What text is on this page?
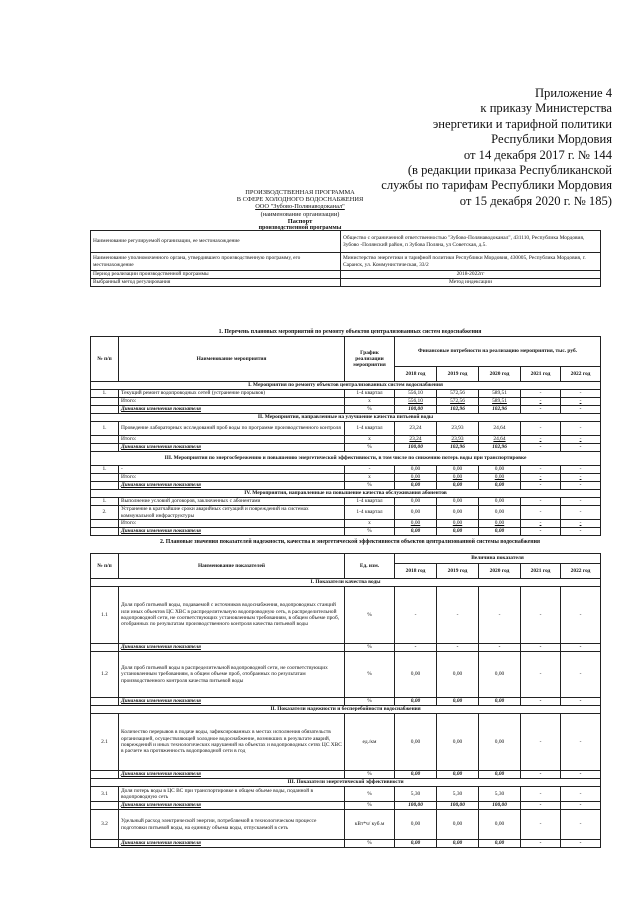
Приложение 4
к приказу Министерства
энергетики и тарифной политики
Республики Мордовия
от 14 декабря 2017 г. № 144
(в редакции приказа Республиканской
службы по тарифам Республики Мордовия
от 15 декабря 2020 г. № 185)
ПРОИЗВОДСТВЕННАЯ ПРОГРАММА
В СФЕРЕ ХОЛОДНОГО ВОДОСНАБЖЕНИЯ
ООО "Зубово-Полянаводоканал"
(наименование организации)
Паспорт
производственной программы
Наименование регулируемой организации, ее местонахождение	Общество с ограниченной ответственностью "Зубово-Полянаводоканал", 431110, Республика Мордовия, Зубово -Полянский район, п Зубова Поляна, ул Советская, д.5.
Наименование уполномоченного органа, утвердившего производственную программу, его местонахождение	Министерство энергетики и тарифной политики Республики Мордовия, 430005, Республика Мордовия, г. Саранск, ул. Коммунистическая, 33/2
Период реализации производственной программы	2018-2022гг
Выбранный метод регулирования	Метод индексации
1. Перечень плановых мероприятий по ремонту объектов централизованных систем водоснабжения
№ п/п	Наименование мероприятия	График реализации мероприятия	Финансовые потребности на реализацию мероприятия, тыс. руб.				
			2018 год	2019 год	2020 год	2021 год	2022 год
I. Мероприятия по ремонту объектов централизованных систем водоснабжения							
1.	Текущий ремонт водопроводных сетей (устранение прорывов)	1-4 квартал	556,10	572,56	589,51	-	-
	Итого:	x	556,10	572,56	589,51	-	-
	Динамика изменения показателя	%	100,00	102,96	102,96	-	-
II. Мероприятия, направленные на улучшение качества питьевой воды							
1.	Проведение лабораторных исследований проб воды по программе производственного контроля	1-4 квартал	23,24	23,93	24,64	-	-
	Итого:	x	23,24	23,93	24,64	-	-
	Динамика изменения показателя	%	100,00	102,96	102,96	-	-
III. Мероприятия по энергосбережению и повышению энергетической эффективности, в том числе по снижению потерь воды при транспортировке							
1.	-	-	0,00	0,00	0,00	-	-
	Итого:	x	0,00	0,00	0,00	-	-
	Динамика изменения показателя	%	0,00	0,00	0,00	-	-
IV. Мероприятия, направленные на повышение качества обслуживания абонентов							
1.	Выполнение условий договоров, заключенных с абонентами	1-4 квартал	0,00	0,00	0,00	-	-
2.	Устранение в кратчайшие сроки аварийных ситуаций и повреждений на системах коммунальной инфраструктуры	1-4 квартал	0,00	0,00	0,00	-	-
	Итого:	x	0,00	0,00	0,00	-	-
	Динамика изменения показателя	%	0,00	0,00	0,00	-	-
2. Плановые значения показателей надежности, качества и энергетической эффективности объектов централизованной системы водоснабжения
№ п/п	Наименование показателей	Ед. изм.	Величина показателя				
			2018 год	2019 год	2020 год	2021 год	2022 год
I. Показатели качества воды							
1.1	Доля проб питьевой воды, подаваемой с источников водоснабжения, водопроводных станций или иных объектов ЦС ХВС в распределительную водопроводную сеть, в распределительной водопроводной сети, не соответствующих установленным требованиям, в общем объеме проб, отобранных по результатам производственного контроля качества питьевой воды	%	-	-	-	-	-
	Динамика изменения показателя	%	-	-	-	-	-
1.2	Доля проб питьевой воды в распределительной водопроводной сети, не соответствующих установленным требованиям, в общем объеме проб, отобранных по результатам производственного контроля качества питьевой воды	%	0,00	0,00	0,00	-	-
	Динамика изменения показателя	%	0,00	0,00	0,00	-	-
II. Показатели надежности и бесперебойности водоснабжения							
2.1	Количество перерывов в подаче воды, зафиксированных в местах исполнения обязательств организацией, осуществляющей холодное водоснабжение, возникших в результате аварий, повреждений и иных технологических нарушений на объектах и водопроводных сетях ЦС ХВС в расчете на протяженность водопроводной сети в год	ед./км	0,00	0,00	0,00	-	-
	Динамика изменения показателя	%	0,00	0,00	0,00	-	-
III. Показатели энергетической эффективности							
3.1	Доля потерь воды в ЦС ВС при транспортировке в общем объеме воды, поданной в водопроводную сеть	%	5,30	5,30	5,30	-	-
	Динамика изменения показателя	%	100,00	100,00	100,00	-	-
3.2	Удельный расход электрической энергии, потребляемой в технологическом процессе подготовки питьевой воды, на единицу объема воды, отпускаемой в сеть	кВт*ч/ куб.м	0,00	0,00	0,00	-	-
	Динамика изменения показателя	%	0,00	0,00	0,00	-	-
